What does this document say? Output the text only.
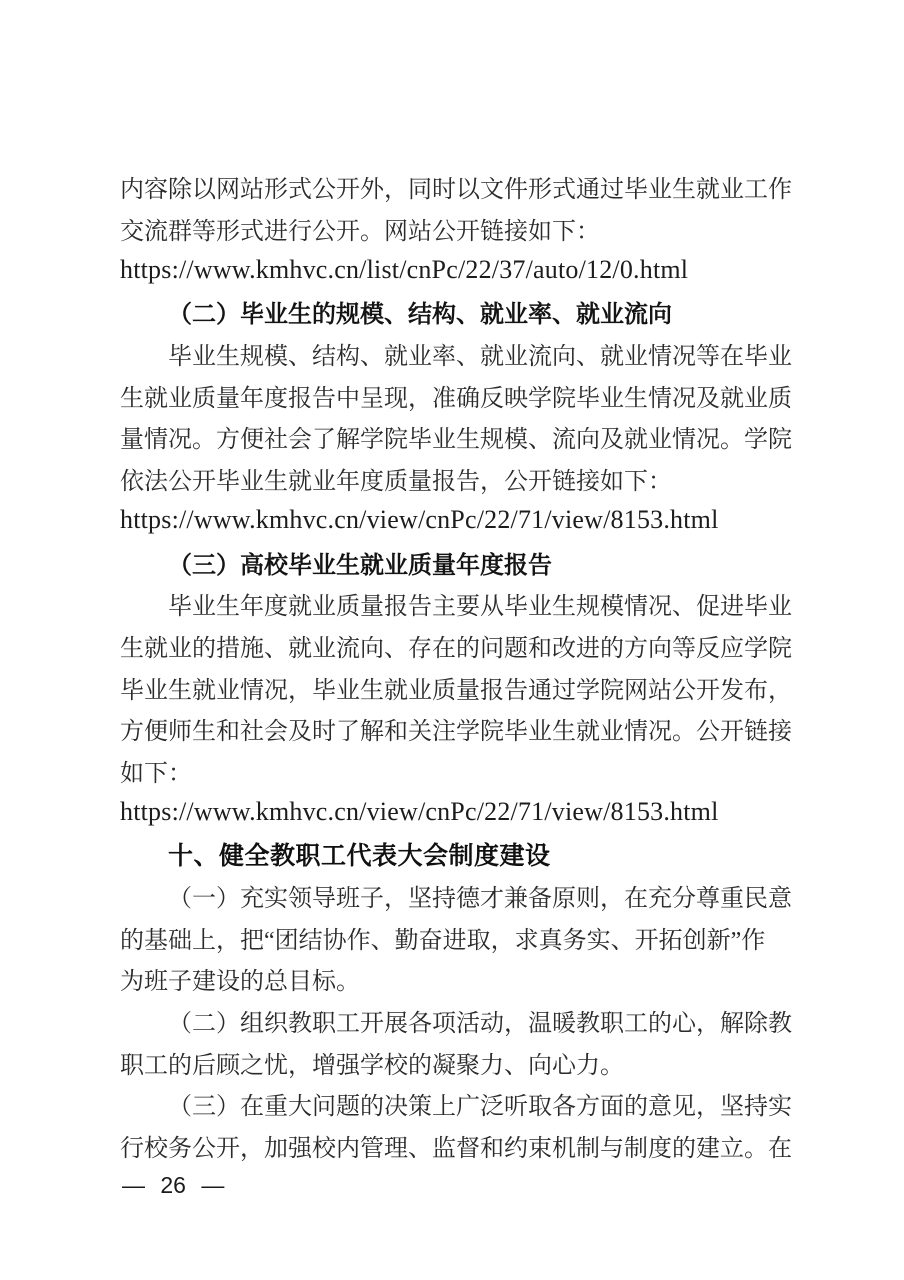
内容除以网站形式公开外，同时以文件形式通过毕业生就业工作
交流群等形式进行公开。网站公开链接如下：
https://www.kmhvc.cn/list/cnPc/22/37/auto/12/0.html
（二）毕业生的规模、结构、就业率、就业流向
毕业生规模、结构、就业率、就业流向、就业情况等在毕业
生就业质量年度报告中呈现，准确反映学院毕业生情况及就业质
量情况。方便社会了解学院毕业生规模、流向及就业情况。学院
依法公开毕业生就业年度质量报告，公开链接如下：
https://www.kmhvc.cn/view/cnPc/22/71/view/8153.html
（三）高校毕业生就业质量年度报告
毕业生年度就业质量报告主要从毕业生规模情况、促进毕业
生就业的措施、就业流向、存在的问题和改进的方向等反应学院
毕业生就业情况，毕业生就业质量报告通过学院网站公开发布，
方便师生和社会及时了解和关注学院毕业生就业情况。公开链接
如下：
https://www.kmhvc.cn/view/cnPc/22/71/view/8153.html
十、健全教职工代表大会制度建设
（一）充实领导班子，坚持德才兼备原则，在充分尊重民意
的基础上，把“团结协作、勤奋进取，求真务实、开拓创新”作
为班子建设的总目标。
（二）组织教职工开展各项活动，温暖教职工的心，解除教
职工的后顾之忧，增强学校的凝聚力、向心力。
（三）在重大问题的决策上广泛听取各方面的意见，坚持实
行校务公开，加强校内管理、监督和约束机制与制度的建立。在
— 26 —
